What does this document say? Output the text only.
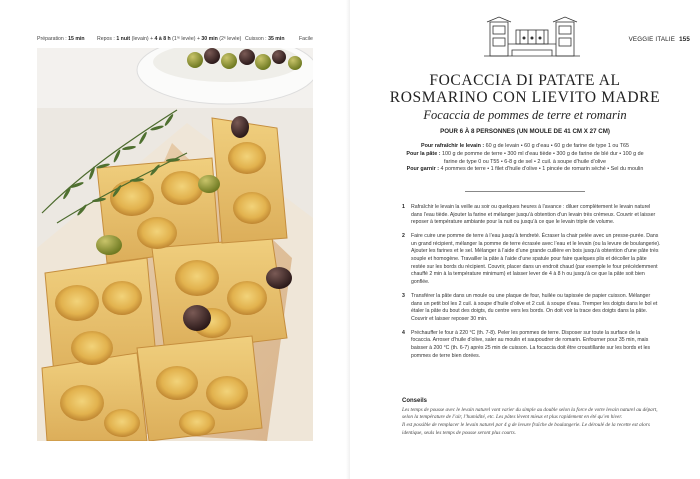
Préparation : 15 min Repos : 1 nuit (levain) + 4 à 8 h (1ʳᵉ levée) + 30 min (2ᵉ levée) Cuisson : 35 min	Facile	VEGGIE ITALIE 155
FOCACCIA DI PATATE AL
ROSMARINO CON LIEVITO MADRE
Focaccia de pommes de terre et romarin
POUR 6 À 8 PERSONNES (UN MOULE DE 41 CM X 27 CM)
Pour rafraîchir le levain : 60 g de levain • 60 g d’eau • 60 g de farine de type 1 ou T65
Pour la pâte : 100 g de pomme de terre • 300 ml d’eau tiède • 300 g de farine de blé dur • 100 g de farine de type 0 ou T55 • 6-8 g de sel • 2 cuil. à soupe d’huile d’olive
Pour garnir : 4 pommes de terre • 1 filet d’huile d’olive • 1 pincée de romarin séché • Sel du moulin
1 Rafraîchir le levain la veille au soir ou quelques heures à l’avance : diluer complètement le levain naturel dans l’eau tiède. Ajouter la farine et mélanger jusqu’à obtention d’un levain très crémeux. Couvrir et laisser reposer à température ambiante pour la nuit ou jusqu’à ce que le levain triple de volume.
2 Faire cuire une pomme de terre à l’eau jusqu’à tendreté. Écraser la chair pelée avec un presse-purée. Dans un grand récipient, mélanger la pomme de terre écrasée avec l’eau et le levain (ou la levure de boulangerie). Ajouter les farines et le sel. Mélanger à l’aide d’une grande cuillère en bois jusqu’à obtention d’une pâte très souple et homogène. Travailler la pâte à l’aide d’une spatule pour faire quelques plis et décoller la pâte restée sur les bords du récipient. Couvrir, placer dans un endroit chaud (par exemple le four précédemment chauffé 2 min à la température minimum) et laisser lever de 4 à 8 h ou jusqu’à ce que la pâte soit bien gonflée.
3 Transférer la pâte dans un moule ou une plaque de four, huilée ou tapissée de papier cuisson. Mélanger dans un petit bol les 2 cuil. à soupe d’huile d’olive et 2 cuil. à soupe d’eau. Tremper les doigts dans le bol et étaler la pâte du bout des doigts, du centre vers les bords. On doit voir la trace des doigts dans la pâte. Couvrir et laisser reposer 30 min.
4 Préchauffer le four à 220 °C (th. 7-8). Peler les pommes de terre. Disposer sur toute la surface de la focaccia. Arroser d’huile d’olive, saler au moulin et saupoudrer de romarin. Enfourner pour 35 min, mais baisser à 200 °C (th. 6-7) après 25 min de cuisson. La focaccia doit être croustillante sur les bords et les pommes de terre bien dorées.
Conseils
Les temps de pousse avec le levain naturel vont varier du simple au double selon la force de votre levain naturel au départ, selon la température de l’air, l’humidité, etc. Les pâtes lèvent mieux et plus rapidement en été qu’en hiver.
Il est possible de remplacer le levain naturel par 4 g de levure fraîche de boulangerie. Le déroulé de la recette est alors identique, seuls les temps de pousse seront plus courts.
